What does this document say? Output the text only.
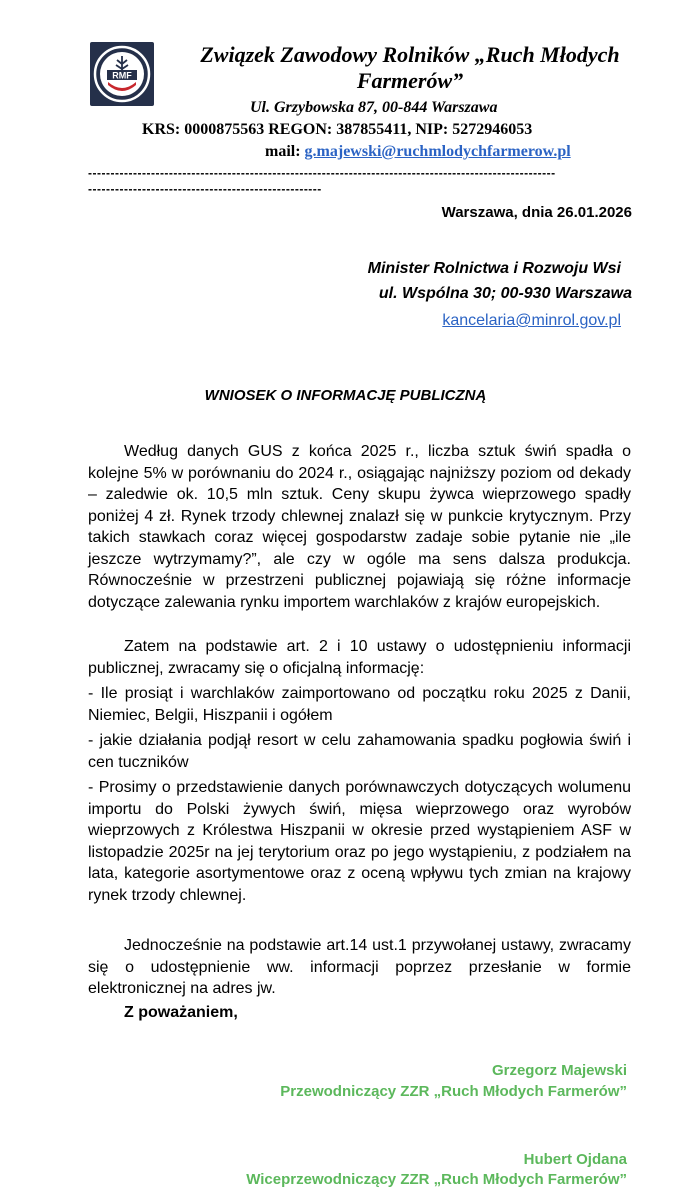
RMF
Związek Zawodowy Rolników „Ruch Młodych Farmerów”
Ul. Grzybowska 87, 00-844 Warszawa
KRS: 0000875563 REGON: 387855411, NIP: 5272946053
mail: g.majewski@ruchmlodychfarmerow.pl
--------------------------------------------------------------------------------------------------------
----------------------------------------------------
Warszawa, dnia 26.01.2026
Minister Rolnictwa i Rozwoju Wsi
ul. Wspólna 30; 00-930 Warszawa
kancelaria@minrol.gov.pl
WNIOSEK O INFORMACJĘ PUBLICZNĄ
Według danych GUS z końca 2025 r., liczba sztuk świń spadła o kolejne 5% w porównaniu do 2024 r., osiągając najniższy poziom od dekady – zaledwie ok. 10,5 mln sztuk. Ceny skupu żywca wieprzowego spadły poniżej 4 zł. Rynek trzody chlewnej znalazł się w punkcie krytycznym. Przy takich stawkach coraz więcej gospodarstw zadaje sobie pytanie nie „ile jeszcze wytrzymamy?”, ale czy w ogóle ma sens dalsza produkcja. Równocześnie w przestrzeni publicznej pojawiają się różne informacje dotyczące zalewania rynku importem warchlaków z krajów europejskich.
Zatem na podstawie art. 2 i 10 ustawy o udostępnieniu informacji publicznej, zwracamy się o oficjalną informację:
- Ile prosiąt i warchlaków zaimportowano od początku roku 2025 z Danii, Niemiec, Belgii, Hiszpanii i ogółem
- jakie działania podjął resort w celu zahamowania spadku pogłowia świń i cen tuczników
- Prosimy o przedstawienie danych porównawczych dotyczących wolumenu importu do Polski żywych świń, mięsa wieprzowego oraz wyrobów wieprzowych z Królestwa Hiszpanii w okresie przed wystąpieniem ASF w listopadzie 2025r na jej terytorium oraz po jego wystąpieniu, z podziałem na lata, kategorie asortymentowe oraz z oceną wpływu tych zmian na krajowy rynek trzody chlewnej.
Jednocześnie na podstawie art.14 ust.1 przywołanej ustawy, zwracamy się o udostępnienie ww. informacji poprzez przesłanie w formie elektronicznej na adres jw.
Z poważaniem,
Grzegorz Majewski
Przewodniczący ZZR „Ruch Młodych Farmerów”
Hubert Ojdana
Wiceprzewodniczący ZZR „Ruch Młodych Farmerów”
